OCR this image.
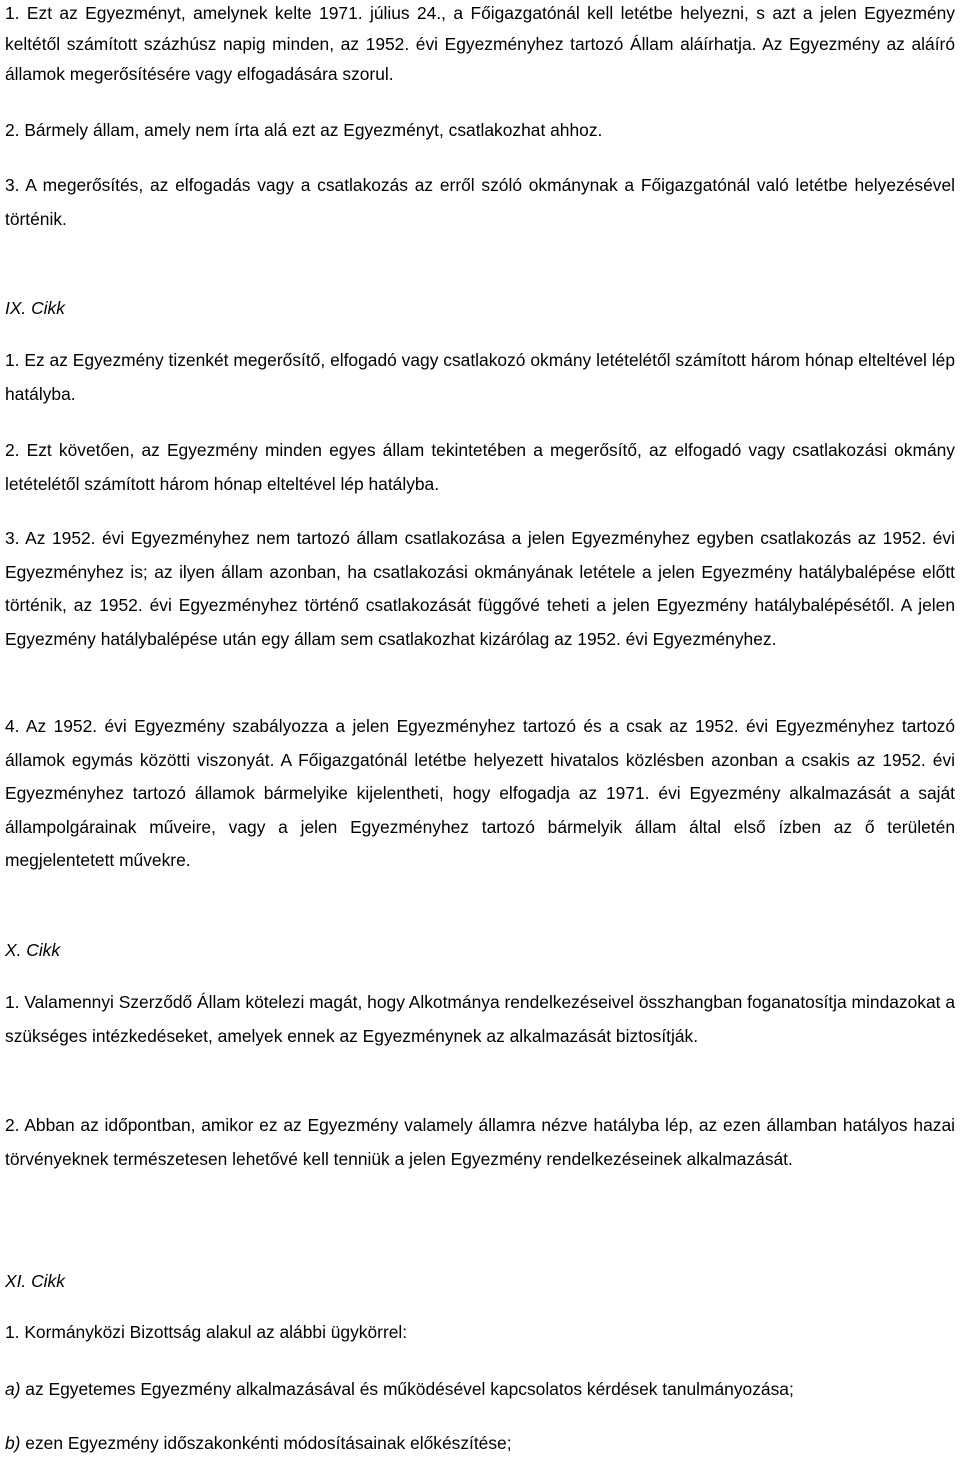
1. Ezt az Egyezményt, amelynek kelte 1971. július 24., a Főigazgatónál kell letétbe helyezni, s azt a jelen Egyezmény keltétől számított százhúsz napig minden, az 1952. évi Egyezményhez tartozó Állam aláírhatja. Az Egyezmény az aláíró államok megerősítésére vagy elfogadására szorul.

2. Bármely állam, amely nem írta alá ezt az Egyezményt, csatlakozhat ahhoz.

3. A megerősítés, az elfogadás vagy a csatlakozás az erről szóló okmánynak a Főigazgatónál való letétbe helyezésével történik.

IX. Cikk

1. Ez az Egyezmény tizenkét megerősítő, elfogadó vagy csatlakozó okmány letételétől számított három hónap elteltével lép hatályba.

2. Ezt követően, az Egyezmény minden egyes állam tekintetében a megerősítő, az elfogadó vagy csatlakozási okmány letételétől számított három hónap elteltével lép hatályba.

3. Az 1952. évi Egyezményhez nem tartozó állam csatlakozása a jelen Egyezményhez egyben csatlakozás az 1952. évi Egyezményhez is; az ilyen állam azonban, ha csatlakozási okmányának letétele a jelen Egyezmény hatálybalépése előtt történik, az 1952. évi Egyezményhez történő csatlakozását függővé teheti a jelen Egyezmény hatálybalépésétől. A jelen Egyezmény hatálybalépése után egy állam sem csatlakozhat kizárólag az 1952. évi Egyezményhez.

4. Az 1952. évi Egyezmény szabályozza a jelen Egyezményhez tartozó és a csak az 1952. évi Egyezményhez tartozó államok egymás közötti viszonyát. A Főigazgatónál letétbe helyezett hivatalos közlésben azonban a csakis az 1952. évi Egyezményhez tartozó államok bármelyike kijelentheti, hogy elfogadja az 1971. évi Egyezmény alkalmazását a saját állampolgárainak műveire, vagy a jelen Egyezményhez tartozó bármelyik állam által első ízben az ő területén megjelentetett művekre.

X. Cikk

1. Valamennyi Szerződő Állam kötelezi magát, hogy Alkotmánya rendelkezéseivel összhangban foganatosítja mindazokat a szükséges intézkedéseket, amelyek ennek az Egyezménynek az alkalmazását biztosítják.

2. Abban az időpontban, amikor ez az Egyezmény valamely államra nézve hatályba lép, az ezen államban hatályos hazai törvényeknek természetesen lehetővé kell tenniük a jelen Egyezmény rendelkezéseinek alkalmazását.

XI. Cikk

1. Kormányközi Bizottság alakul az alábbi ügykörrel:

a) az Egyetemes Egyezmény alkalmazásával és működésével kapcsolatos kérdések tanulmányozása;

b) ezen Egyezmény időszakonkénti módosításainak előkészítése;
